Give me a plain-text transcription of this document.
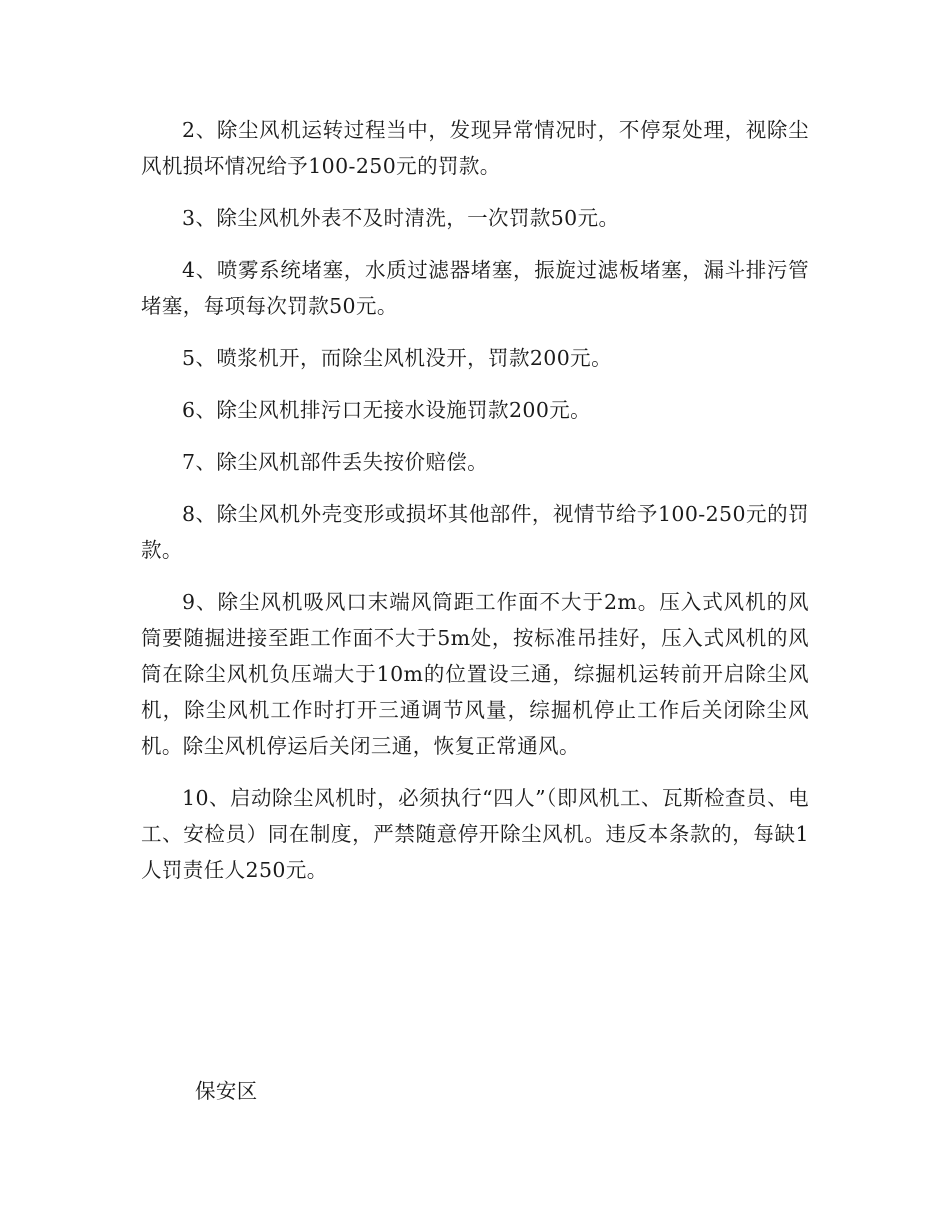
2、除尘风机运转过程当中，发现异常情况时，不停泵处理，视除尘风机损坏情况给予100-250元的罚款。

3、除尘风机外表不及时清洗，一次罚款50元。

4、喷雾系统堵塞，水质过滤器堵塞，振旋过滤板堵塞，漏斗排污管堵塞，每项每次罚款50元。

5、喷浆机开，而除尘风机没开，罚款200元。

6、除尘风机排污口无接水设施罚款200元。

7、除尘风机部件丢失按价赔偿。

8、除尘风机外壳变形或损坏其他部件，视情节给予100-250元的罚款。

9、除尘风机吸风口末端风筒距工作面不大于2m。压入式风机的风筒要随掘进接至距工作面不大于5m处，按标准吊挂好，压入式风机的风筒在除尘风机负压端大于10m的位置设三通，综掘机运转前开启除尘风机，除尘风机工作时打开三通调节风量，综掘机停止工作后关闭除尘风机。除尘风机停运后关闭三通，恢复正常通风。

10、启动除尘风机时，必须执行“四人”（即风机工、瓦斯检查员、电工、安检员）同在制度，严禁随意停开除尘风机。违反本条款的，每缺1人罚责任人250元。

保安区
